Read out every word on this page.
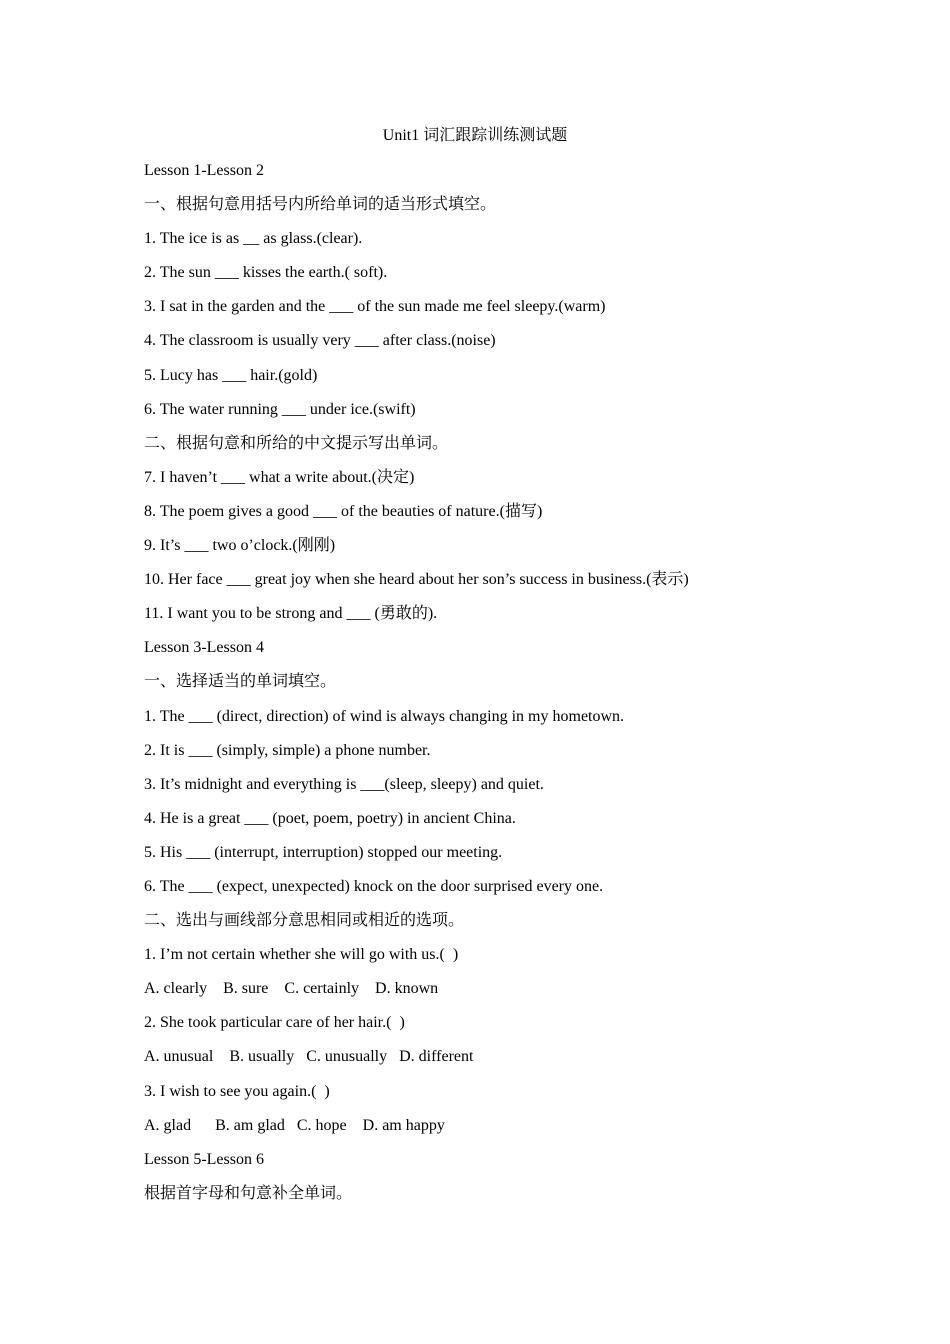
Unit1 词汇跟踪训练测试题
Lesson 1-Lesson 2
一、根据句意用括号内所给单词的适当形式填空。
1. The ice is as __ as glass.(clear).
2. The sun ___ kisses the earth.( soft).
3. I sat in the garden and the ___ of the sun made me feel sleepy.(warm)
4. The classroom is usually very ___ after class.(noise)
5. Lucy has ___ hair.(gold)
6. The water running ___ under ice.(swift)
二、根据句意和所给的中文提示写出单词。
7. I haven’t ___ what a write about.(决定)
8. The poem gives a good ___ of the beauties of nature.(描写)
9. It’s ___ two o’clock.(刚刚)
10. Her face ___ great joy when she heard about her son’s success in business.(表示)
11. I want you to be strong and ___ (勇敢的).
Lesson 3-Lesson 4
一、选择适当的单词填空。
1. The ___ (direct, direction) of wind is always changing in my hometown.
2. It is ___ (simply, simple) a phone number.
3. It’s midnight and everything is ___(sleep, sleepy) and quiet.
4. He is a great ___ (poet, poem, poetry) in ancient China.
5. His ___ (interrupt, interruption) stopped our meeting.
6. The ___ (expect, unexpected) knock on the door surprised every one.
二、选出与画线部分意思相同或相近的选项。
1. I’m not certain whether she will go with us.(  )
A. clearly    B. sure    C. certainly    D. known
2. She took particular care of her hair.(  )
A. unusual    B. usually   C. unusually   D. different
3. I wish to see you again.(  )
A. glad      B. am glad   C. hope    D. am happy
Lesson 5-Lesson 6
根据首字母和句意补全单词。
